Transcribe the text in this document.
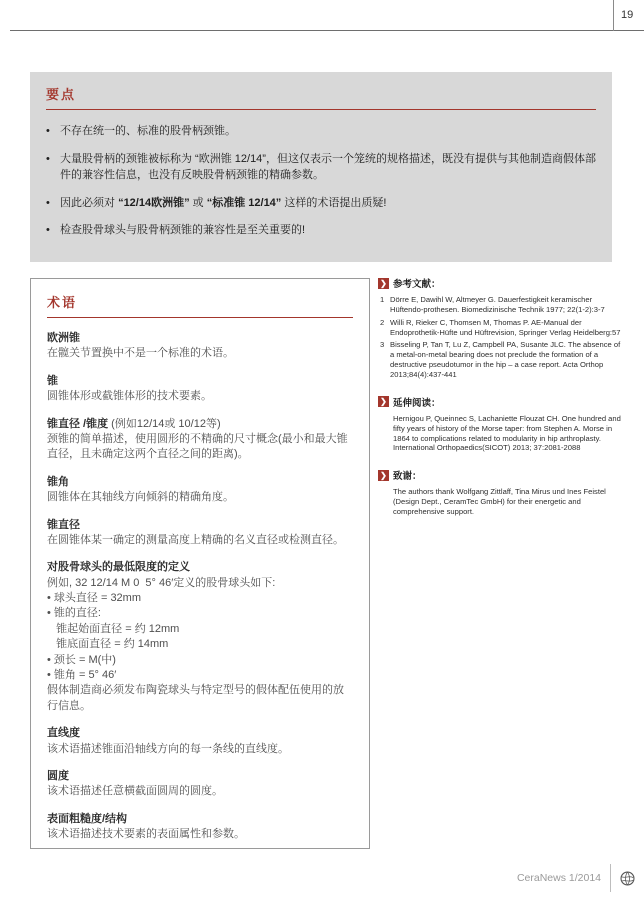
19
要点
• 不存在统一的、标准的股骨柄颈锥。
• 大量股骨柄的颈锥被标称为 “欧洲锥 12/14”，但这仅表示一个笼统的规格描述，既没有提供与其他制造商假体部件的兼容性信息，也没有反映股骨柄颈锥的精确参数。
• 因此必须对 “12/14欧洲锥” 或 “标准锥 12/14” 这样的术语提出质疑!
• 检查股骨球头与股骨柄颈锥的兼容性是至关重要的!
术语
欧洲锥
在髋关节置换中不是一个标准的术语。
锥
圆锥体形或截锥体形的技术要素。
锥直径 /锥度 (例如12/14或 10/12等)
颈锥的简单描述，使用圆形的不精确的尺寸概念(最小和最大锥直径，且未确定这两个直径之间的距离)。
锥角
圆锥体在其轴线方向倾斜的精确角度。
锥直径
在圆锥体某一确定的测量高度上精确的名义直径或检测直径。
对股骨球头的最低限度的定义
例如, 32 12/14 M 0  5° 46′定义的股骨球头如下:
• 球头直径 = 32mm
• 锥的直径:
锥起始面直径 = 约 12mm
锥底面直径 = 约 14mm
• 颈长 = M(中)
• 锥角 = 5° 46′
假体制造商必须发布陶瓷球头与特定型号的假体配伍使用的放行信息。
直线度
该术语描述锥面沿轴线方向的每一条线的直线度。
圆度
该术语描述任意横截面圆周的圆度。
表面粗糙度/结构
该术语描述技术要素的表面属性和参数。
❯ 参考文献：
1 Dörre E, Dawihl W, Altmeyer G. Dauerfestigkeit keramischer Hüftendo-prothesen. Biomedizinische Technik 1977; 22(1-2):3-7
2 Willi R, Rieker C, Thomsen M, Thomas P. AE-Manual der Endoprothetik-Hüfte und Hüftrevision, Springer Verlag Heidelberg:57
3 Bisseling P, Tan T, Lu Z, Campbell PA, Susante JLC. The absence of a metal-on-metal bearing does not preclude the formation of a destructive pseudotumor in the hip – a case report. Acta Orthop 2013;84(4):437-441
❯ 延伸阅读：
Hernigou P, Queinnec S, Lachaniette Flouzat CH. One hundred and fifty years of history of the Morse taper: from Stephen A. Morse in 1864 to complications related to modularity in hip arthroplasty. International Orthopaedics(SICOT) 2013; 37:2081-2088
❯ 致谢：
The authors thank Wolfgang Zittlaff, Tina Mirus und Ines Feistel (Design Dept., CeramTec GmbH) for their energetic and comprehensive support.
CeraNews 1/2014
